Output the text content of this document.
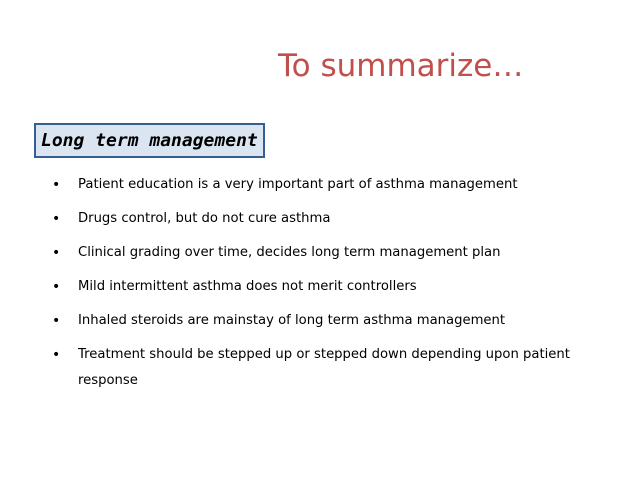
To summarize…
Long term management
• Patient education is a very important part of asthma management
• Drugs control, but do not cure asthma
• Clinical grading over time, decides long term management plan
• Mild intermittent asthma does not merit controllers
• Inhaled steroids are mainstay of long term asthma management
• Treatment should be stepped up or stepped down depending upon patient response
